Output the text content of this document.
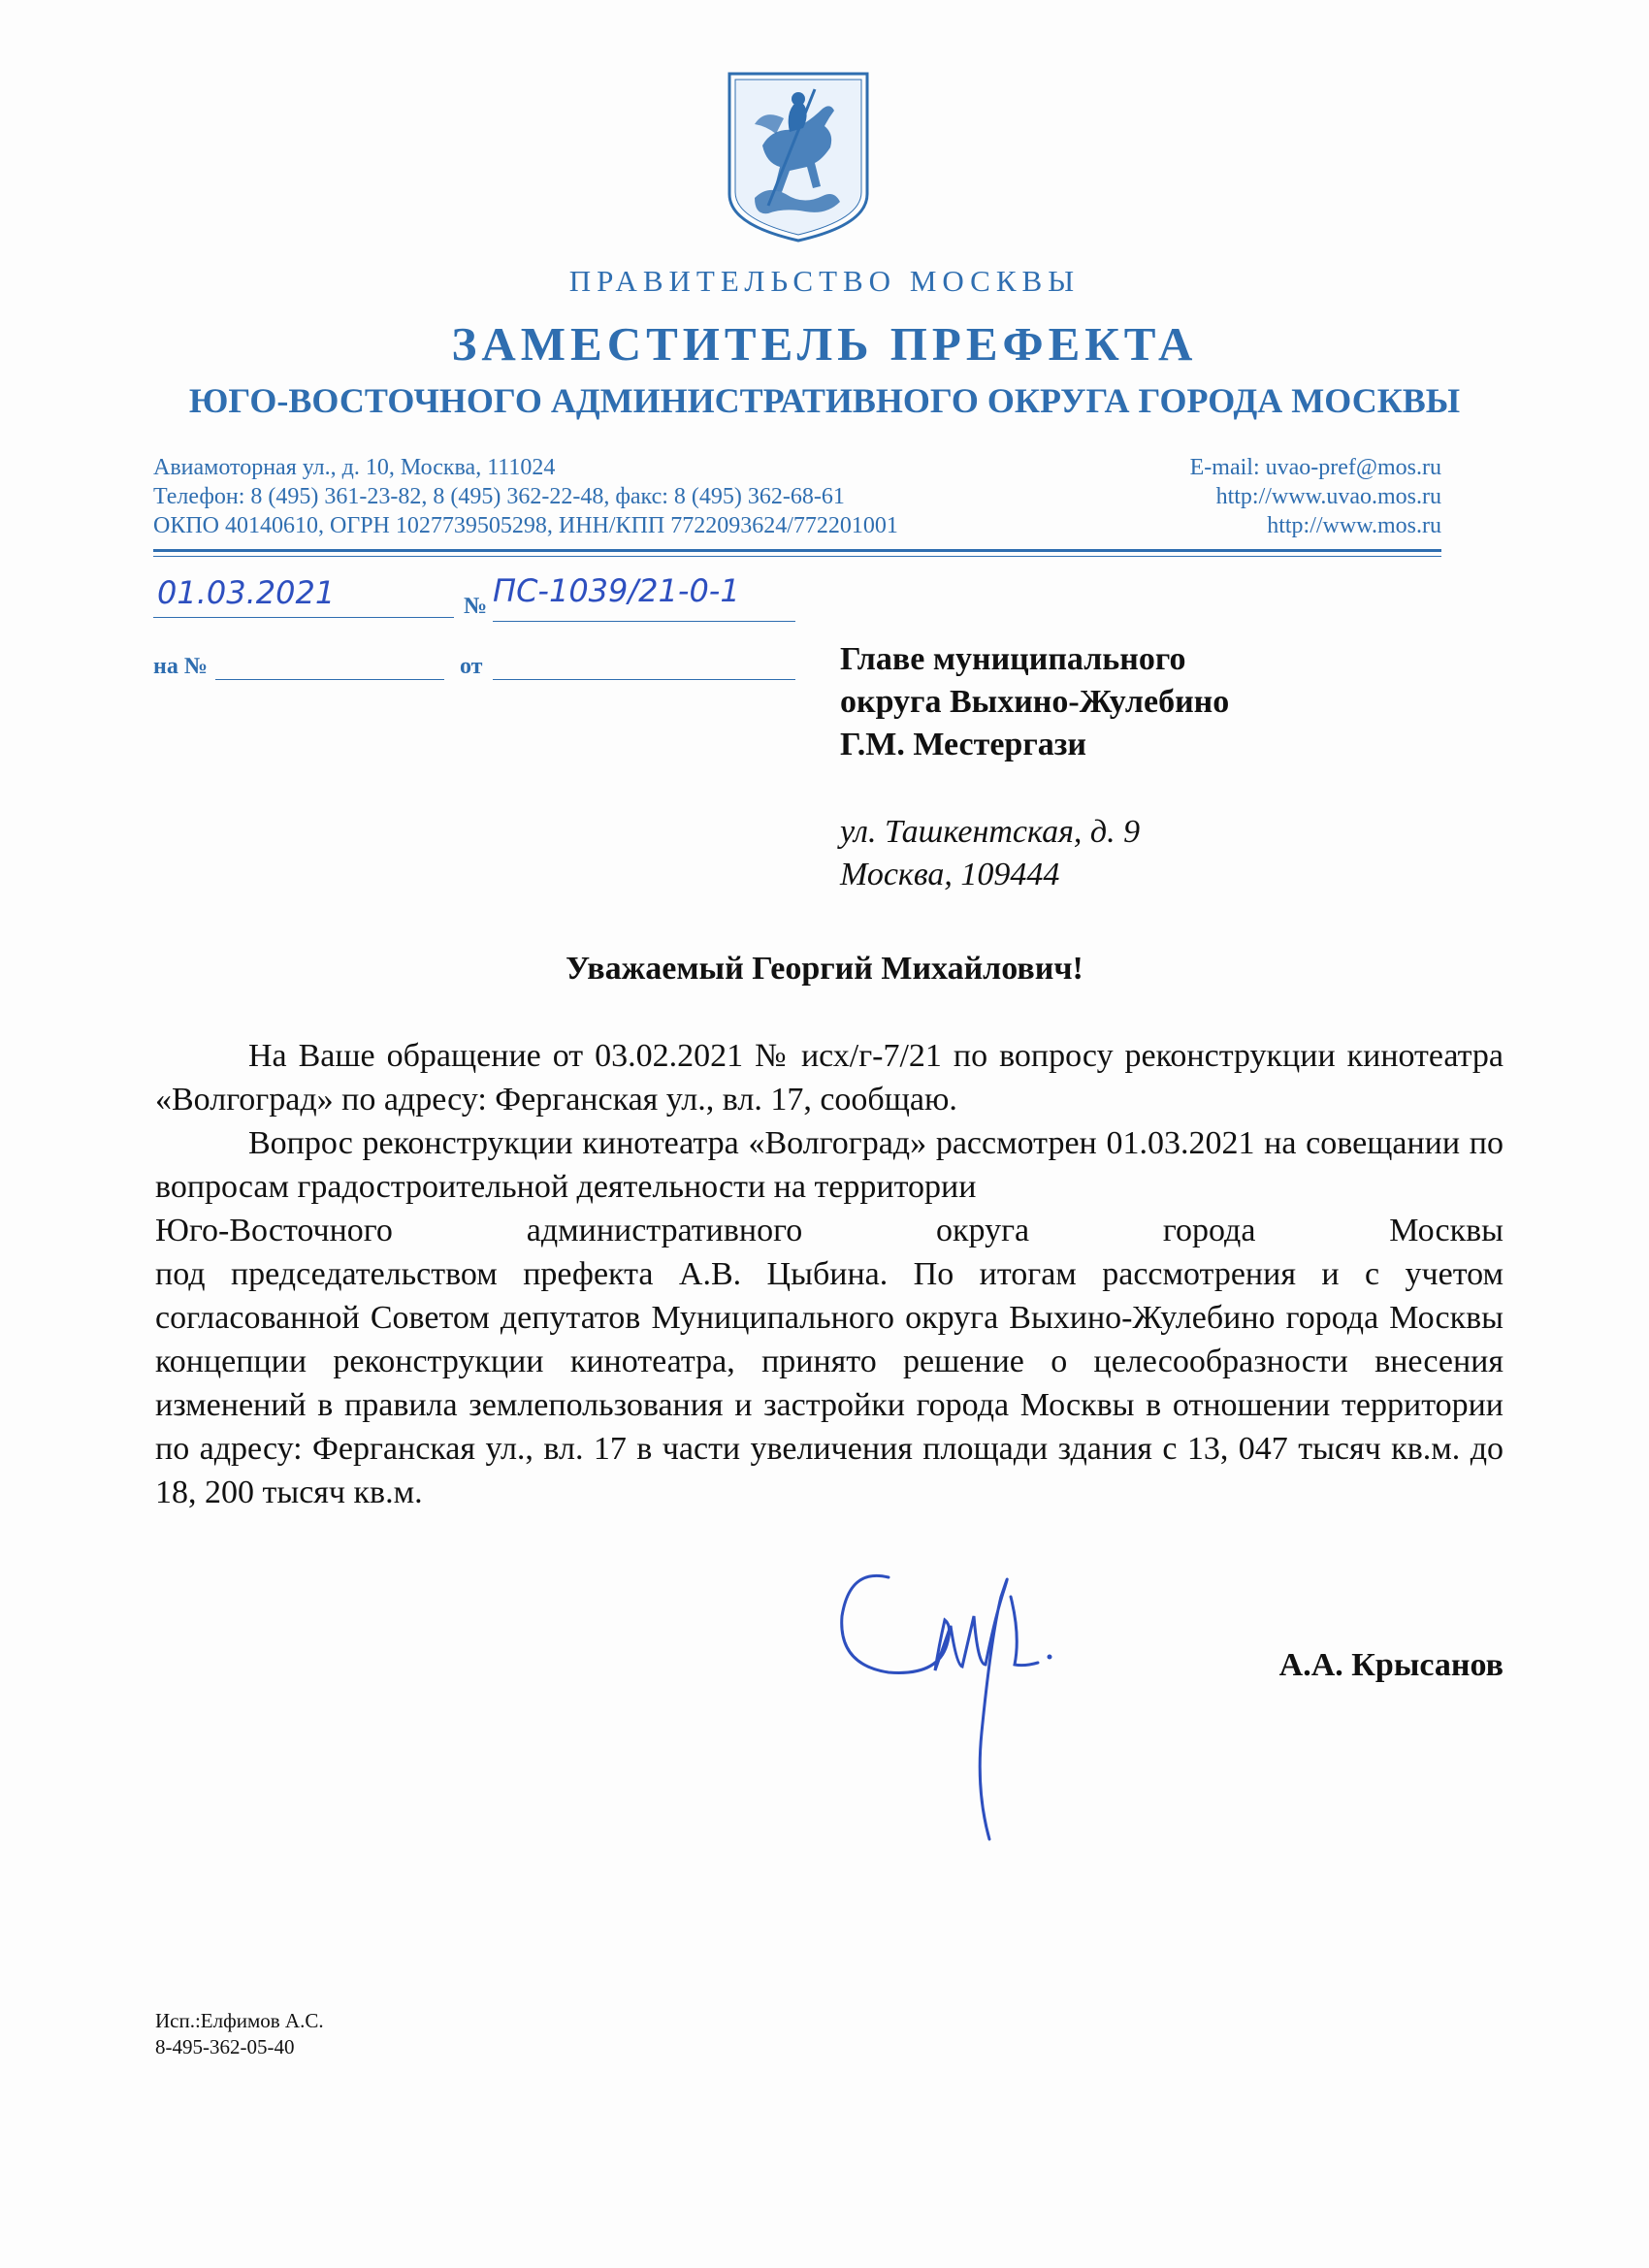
ПРАВИТЕЛЬСТВО МОСКВЫ
ЗАМЕСТИТЕЛЬ ПРЕФЕКТА
ЮГО-ВОСТОЧНОГО АДМИНИСТРАТИВНОГО ОКРУГА ГОРОДА МОСКВЫ
Авиамоторная ул., д. 10, Москва, 111024
Телефон: 8 (495) 361-23-82, 8 (495) 362-22-48, факс: 8 (495) 362-68-61
ОКПО 40140610, ОГРН 1027739505298, ИНН/КПП 7722093624/772201001
E-mail: uvao-pref@mos.ru
http://www.uvao.mos.ru
http://www.mos.ru
01.03.2021	№ ПС-1039/21-0-1
на №	от	Главе муниципального
округа Выхино-Жулебино
Г.М. Местергази
ул. Ташкентская, д. 9
Москва, 109444
Уважаемый Георгий Михайлович!
На Ваше обращение от 03.02.2021 № исх/г-7/21 по вопросу реконструкции кинотеатра «Волгоград» по адресу: Ферганская ул., вл. 17, сообщаю.
Вопрос реконструкции кинотеатра «Волгоград» рассмотрен 01.03.2021 на совещании по вопросам градостроительной деятельности на территории
Юго-Восточного административного округа города Москвы
под председательством префекта А.В. Цыбина. По итогам рассмотрения и с учетом согласованной Советом депутатов Муниципального округа Выхино-Жулебино города Москвы концепции реконструкции кинотеатра, принято решение о целесообразности внесения изменений в правила землепользования и застройки города Москвы в отношении территории по адресу: Ферганская ул., вл. 17 в части увеличения площади здания с 13, 047 тысяч кв.м. до 18, 200 тысяч кв.м.
А.А. Крысанов
Исп.:Елфимов А.С.
8-495-362-05-40
